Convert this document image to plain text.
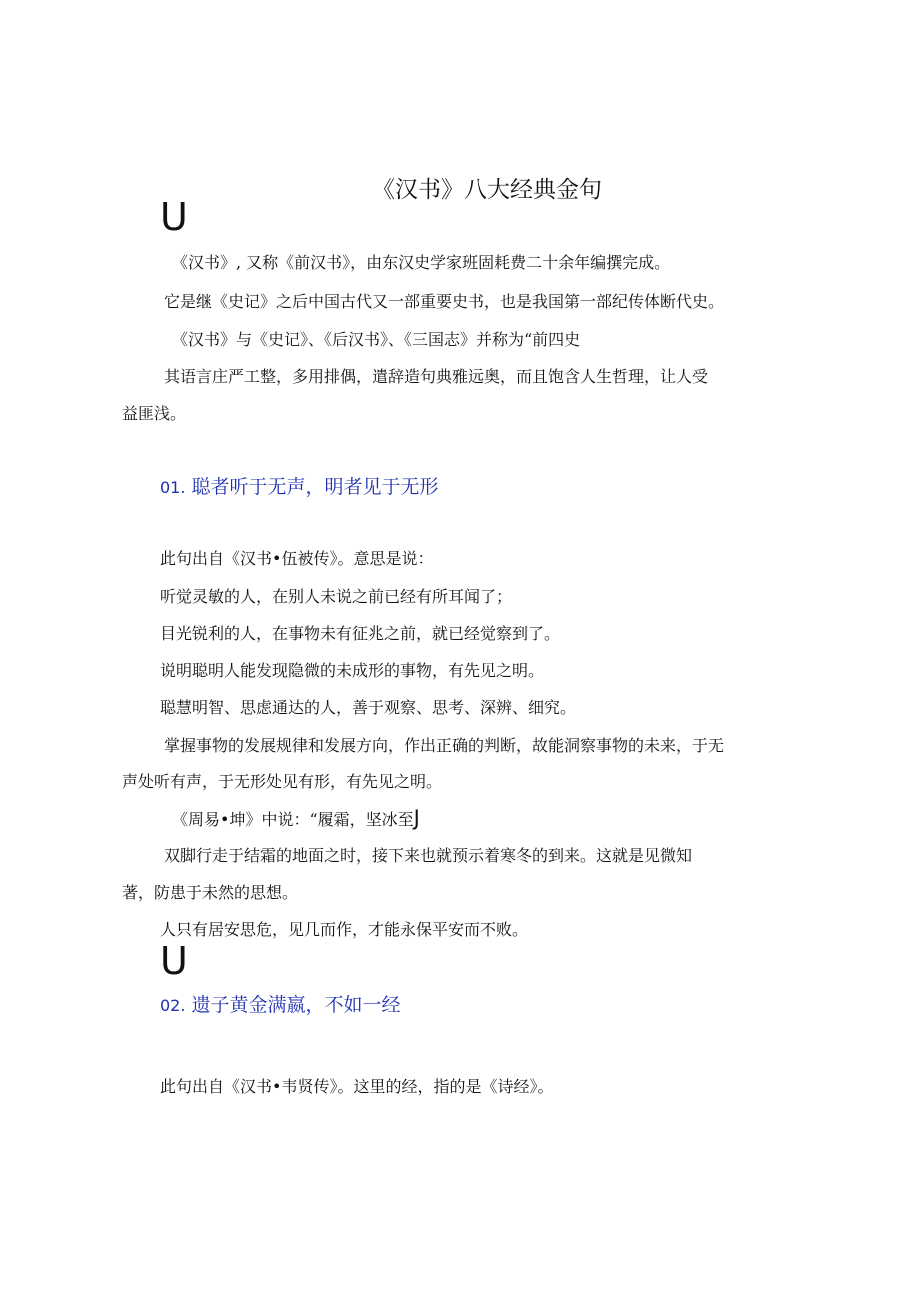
《汉书》八大经典金句
U
《汉书》, 又称《前汉书》，由东汉史学家班固耗费二十余年编撰完成。
它是继《史记》之后中国古代又一部重要史书，也是我国第一部纪传体断代史。
《汉书》与《史记》、《后汉书》、《三国志》并称为“前四史
其语言庄严工整，多用排偶，遣辞造句典雅远奥，而且饱含人生哲理，让人受
益匪浅。
01. 聪者听于无声，明者见于无形
此句出自《汉书•伍被传》。意思是说：
听觉灵敏的人，在别人未说之前已经有所耳闻了；
目光锐利的人，在事物未有征兆之前，就已经觉察到了。
说明聪明人能发现隐微的未成形的事物，有先见之明。
聪慧明智、思虑通达的人，善于观察、思考、深辨、细究。
掌握事物的发展规律和发展方向，作出正确的判断，故能洞察事物的未来，于无
声处听有声，于无形处见有形，有先见之明。
《周易•坤》中说：“履霜，坚冰至J
双脚行走于结霜的地面之时，接下来也就预示着寒冬的到来。这就是见微知
著，防患于未然的思想。
人只有居安思危，见几而作，才能永保平安而不败。
U
02. 遗子黄金满嬴，不如一经
此句出自《汉书•韦贤传》。这里的经，指的是《诗经》。
